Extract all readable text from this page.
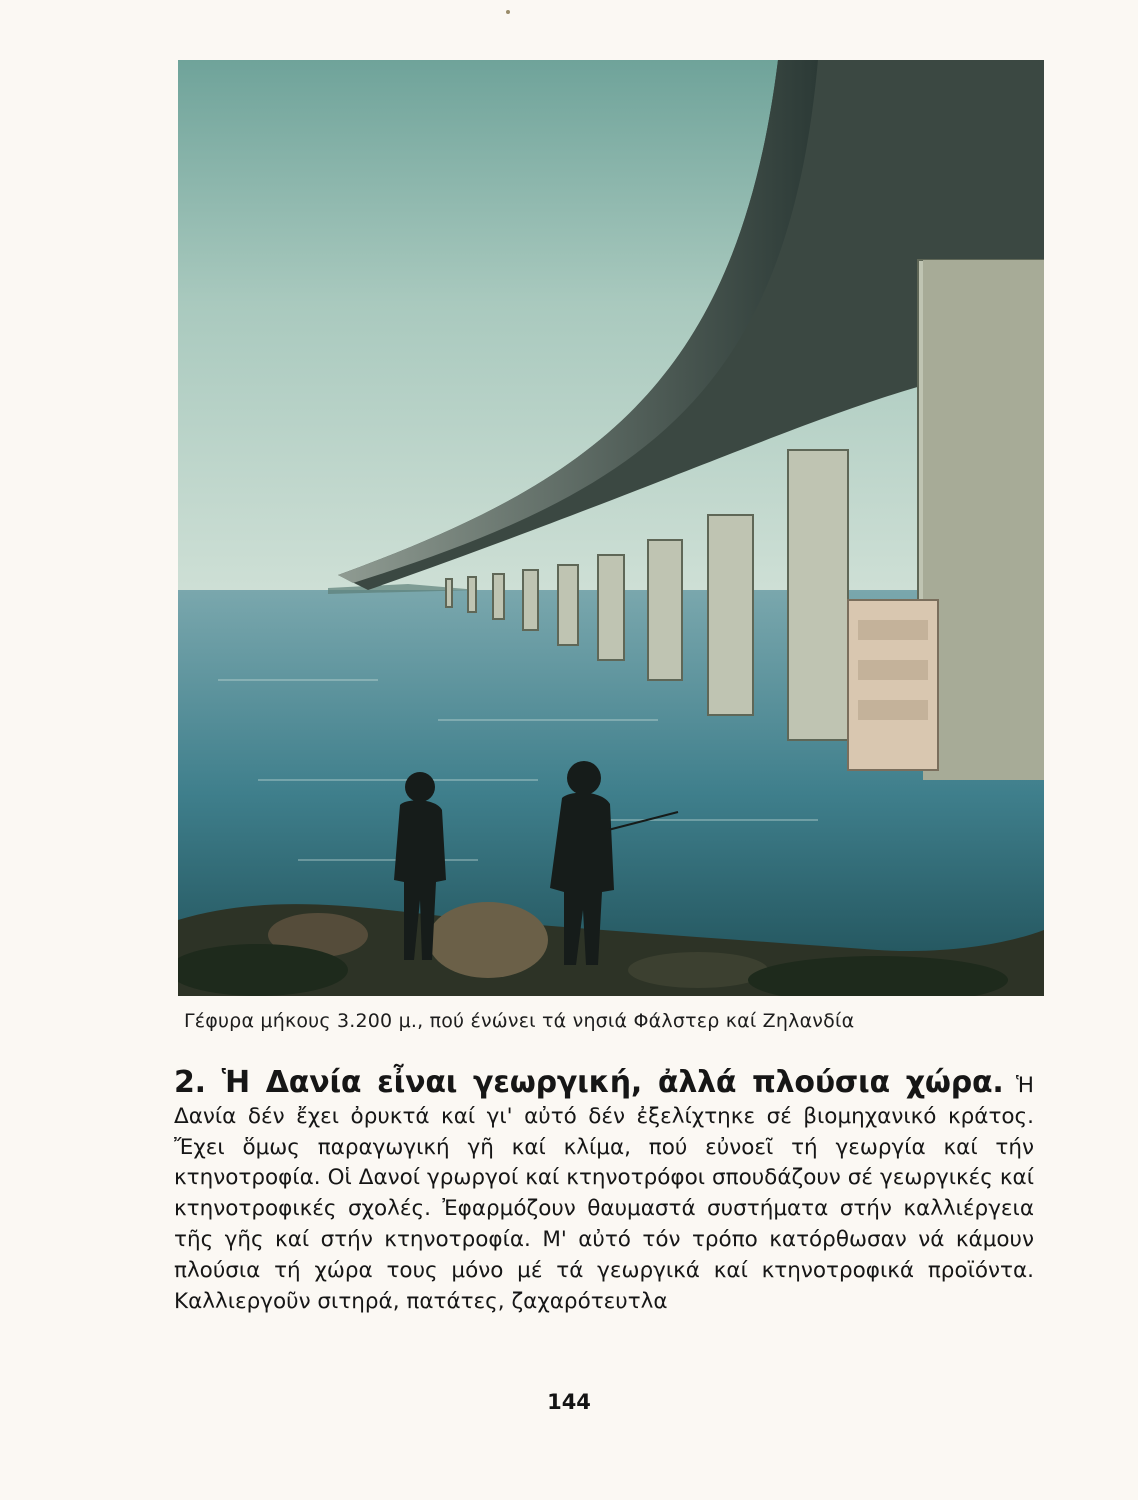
Γέφυρα μήκους 3.200 μ., πού ένώνει τά νησιά Φάλστερ καί Ζηλανδία
2. Ἡ Δανία εἶναι γεωργική, ἀλλά πλούσια χώρα. Ἡ Δανία δέν ἔχει ὀρυκτά καί γι' αὐτό δέν ἐξελίχτηκε σέ βιομηχανικό κράτος. Ἔχει ὅμως παραγωγική γῆ καί κλίμα, πού εὐνοεῖ τή γεωργία καί τήν κτηνοτροφία. Οἱ Δανοί γρωργοί καί κτηνοτρόφοι σπουδάζουν σέ γεωργικές καί κτηνοτροφικές σχολές. Ἐφαρμόζουν θαυμαστά συστήματα στήν καλλιέργεια τῆς γῆς καί στήν κτηνοτροφία. Μ' αὐτό τόν τρόπο κατόρθωσαν νά κάμουν πλούσια τή χώρα τους μόνο μέ τά γεωργικά καί κτηνοτροφικά προϊόντα. Καλλιεργοῦν σιτηρά, πατάτες, ζαχαρότευτλα
144
